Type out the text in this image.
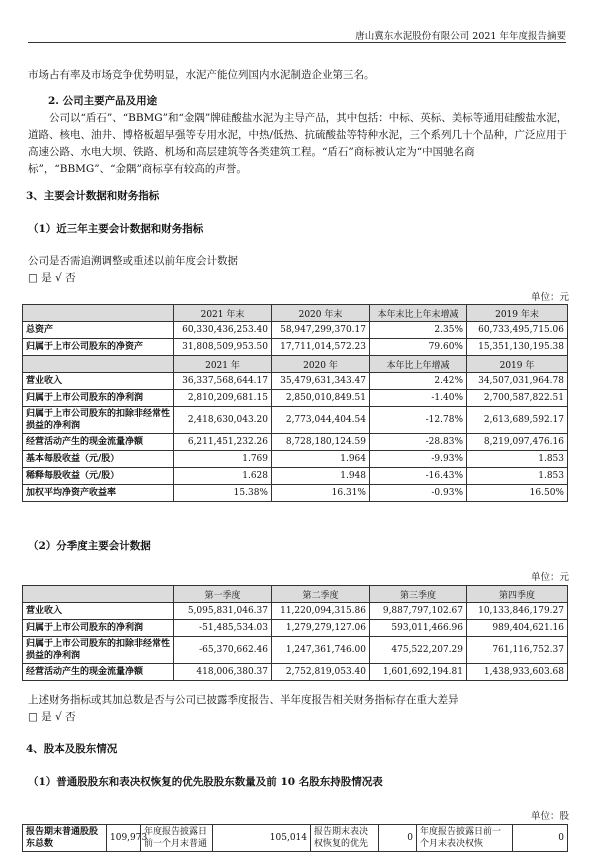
唐山冀东水泥股份有限公司 2021 年年度报告摘要
市场占有率及市场竞争优势明显，水泥产能位列国内水泥制造企业第三名。
2. 公司主要产品及用途
公司以“盾石”、“BBMG”和“金隅”牌硅酸盐水泥为主导产品，其中包括：中标、英标、美标等通用硅酸盐水泥，道路、核电、油井、博格板超早强等专用水泥，中热/低热、抗硫酸盐等特种水泥，三个系列几十个品种，广泛应用于高速公路、水电大坝、铁路、机场和高层建筑等各类建筑工程。“盾石”商标被认定为“中国驰名商标”，“BBMG”、“金隅”商标享有较高的声誉。
3、主要会计数据和财务指标
（1）近三年主要会计数据和财务指标
公司是否需追溯调整或重述以前年度会计数据
□ 是 √ 否
单位：元
	2021 年末	2020 年末	本年末比上年末增减	2019 年末
总资产	60,330,436,253.40	58,947,299,370.17	2.35%	60,733,495,715.06
归属于上市公司股东的净资产	31,808,509,953.50	17,711,014,572.23	79.60%	15,351,130,195.38
	2021 年	2020 年	本年比上年增减	2019 年
营业收入	36,337,568,644.17	35,479,631,343.47	2.42%	34,507,031,964.78
归属于上市公司股东的净利润	2,810,209,681.15	2,850,010,849.51	-1.40%	2,700,587,822.51
归属于上市公司股东的扣除非经常性损益的净利润	2,418,630,043.20	2,773,044,404.54	-12.78%	2,613,689,592.17
经营活动产生的现金流量净额	6,211,451,232.26	8,728,180,124.59	-28.83%	8,219,097,476.16
基本每股收益（元/股）	1.769	1.964	-9.93%	1.853
稀释每股收益（元/股）	1.628	1.948	-16.43%	1.853
加权平均净资产收益率	15.38%	16.31%	-0.93%	16.50%
（2）分季度主要会计数据
单位：元
	第一季度	第二季度	第三季度	第四季度
营业收入	5,095,831,046.37	11,220,094,315.86	9,887,797,102.67	10,133,846,179.27
归属于上市公司股东的净利润	-51,485,534.03	1,279,279,127.06	593,011,466.96	989,404,621.16
归属于上市公司股东的扣除非经常性损益的净利润	-65,370,662.46	1,247,361,746.00	475,522,207.29	761,116,752.37
经营活动产生的现金流量净额	418,006,380.37	2,752,819,053.40	1,601,692,194.81	1,438,933,603.68
上述财务指标或其加总数是否与公司已披露季度报告、半年度报告相关财务指标存在重大差异
□ 是 √ 否
4、股本及股东情况
（1）普通股股东和表决权恢复的优先股股东数量及前 10 名股东持股情况表
单位：股
报告期末普通股股东总数	109,973	年度报告披露日前一个月末普通	105,014	报告期末表决权恢复的优先	0	年度报告披露日前一个月末表决权恢	0
